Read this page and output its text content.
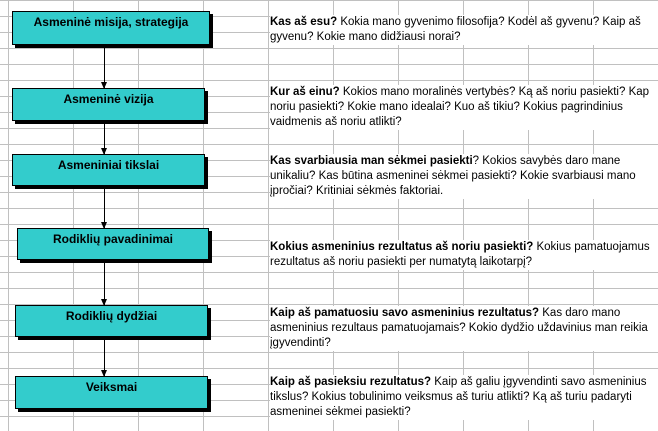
Asmeninė misija, strategija
Asmeninė vizija
Asmeniniai tikslai
Rodiklių pavadinimai
Rodiklių dydžiai
Veiksmai
Kas aš esu? Kokia mano gyvenimo filosofija? Kodėl aš gyvenu? Kaip aš gyvenu? Kokie mano didžiausi norai?
Kur aš einu? Kokios mano moralinės vertybės? Ką aš noriu pasiekti? Kap noriu pasiekti? Kokie mano idealai? Kuo aš tikiu? Kokius pagrindinius vaidmenis aš noriu atlikti?
Kas svarbiausia man sėkmei pasiekti? Kokios savybės daro mane unikaliu? Kas būtina asmeninei sėkmei pasiekti? Kokie svarbiausi mano įpročiai? Kritiniai sėkmės faktoriai.
Kokius asmeninius rezultatus aš noriu pasiekti? Kokius pamatuojamus rezultatus aš noriu pasiekti per numatytą laikotarpį?
Kaip aš pamatuosiu savo asmeninius rezultatus? Kas daro mano asmeninius rezultaus pamatuojamais? Kokio dydžio uždavinius man reikia įgyvendinti?
Kaip aš pasieksiu rezultatus? Kaip aš galiu įgyvendinti savo asmeninius tikslus? Kokius tobulinimo veiksmus aš turiu atlikti? Ką aš turiu padaryti asmeninei sėkmei pasiekti?
